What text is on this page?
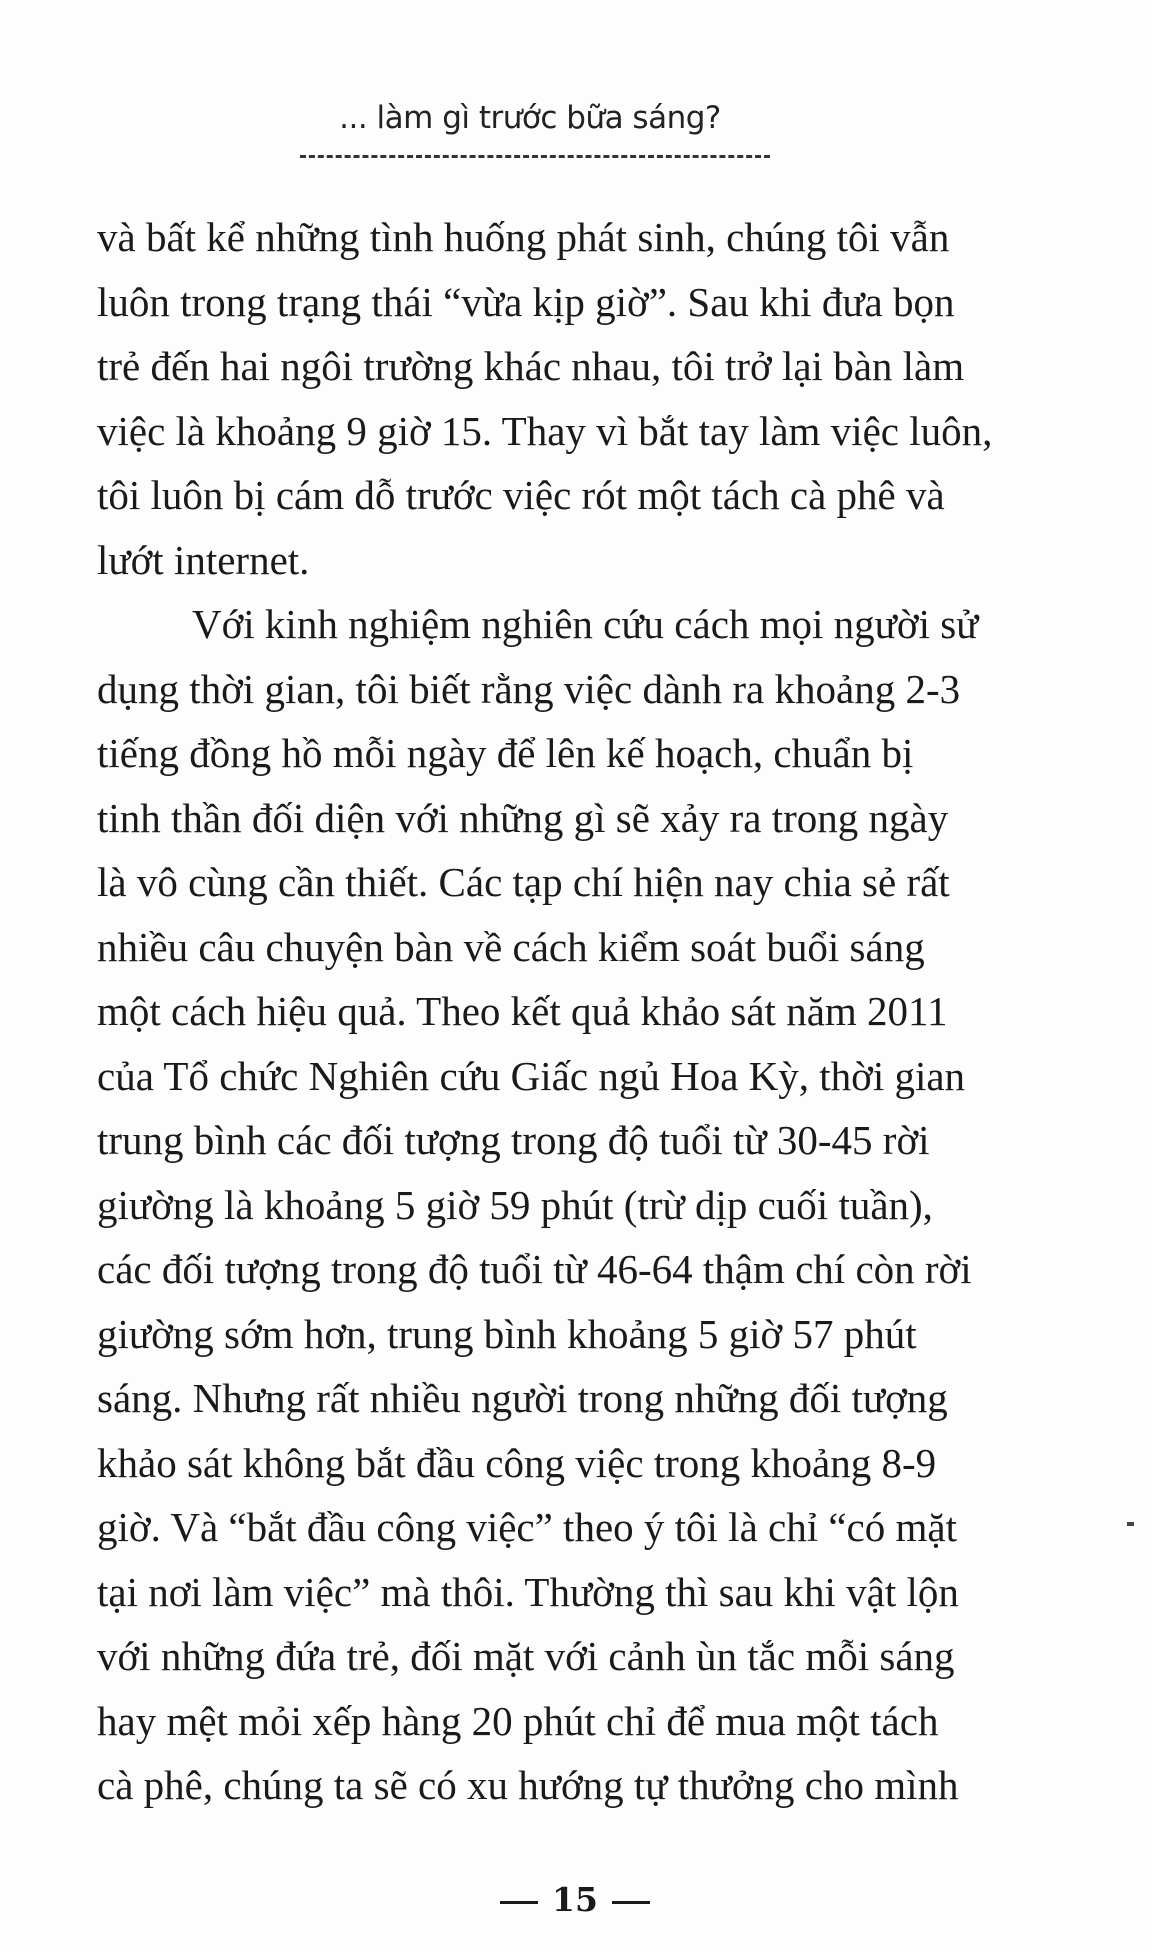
... làm gì trước bữa sáng?
và bất kể những tình huống phát sinh, chúng tôi vẫn
luôn trong trạng thái “vừa kịp giờ”. Sau khi đưa bọn
trẻ đến hai ngôi trường khác nhau, tôi trở lại bàn làm
việc là khoảng 9 giờ 15. Thay vì bắt tay làm việc luôn,
tôi luôn bị cám dỗ trước việc rót một tách cà phê và
lướt internet.
Với kinh nghiệm nghiên cứu cách mọi người sử
dụng thời gian, tôi biết rằng việc dành ra khoảng 2-3
tiếng đồng hồ mỗi ngày để lên kế hoạch, chuẩn bị
tinh thần đối diện với những gì sẽ xảy ra trong ngày
là vô cùng cần thiết. Các tạp chí hiện nay chia sẻ rất
nhiều câu chuyện bàn về cách kiểm soát buổi sáng
một cách hiệu quả. Theo kết quả khảo sát năm 2011
của Tổ chức Nghiên cứu Giấc ngủ Hoa Kỳ, thời gian
trung bình các đối tượng trong độ tuổi từ 30-45 rời
giường là khoảng 5 giờ 59 phút (trừ dịp cuối tuần),
các đối tượng trong độ tuổi từ 46-64 thậm chí còn rời
giường sớm hơn, trung bình khoảng 5 giờ 57 phút
sáng. Nhưng rất nhiều người trong những đối tượng
khảo sát không bắt đầu công việc trong khoảng 8-9
giờ. Và “bắt đầu công việc” theo ý tôi là chỉ “có mặt
tại nơi làm việc” mà thôi. Thường thì sau khi vật lộn
với những đứa trẻ, đối mặt với cảnh ùn tắc mỗi sáng
hay mệt mỏi xếp hàng 20 phút chỉ để mua một tách
cà phê, chúng ta sẽ có xu hướng tự thưởng cho mình
15
